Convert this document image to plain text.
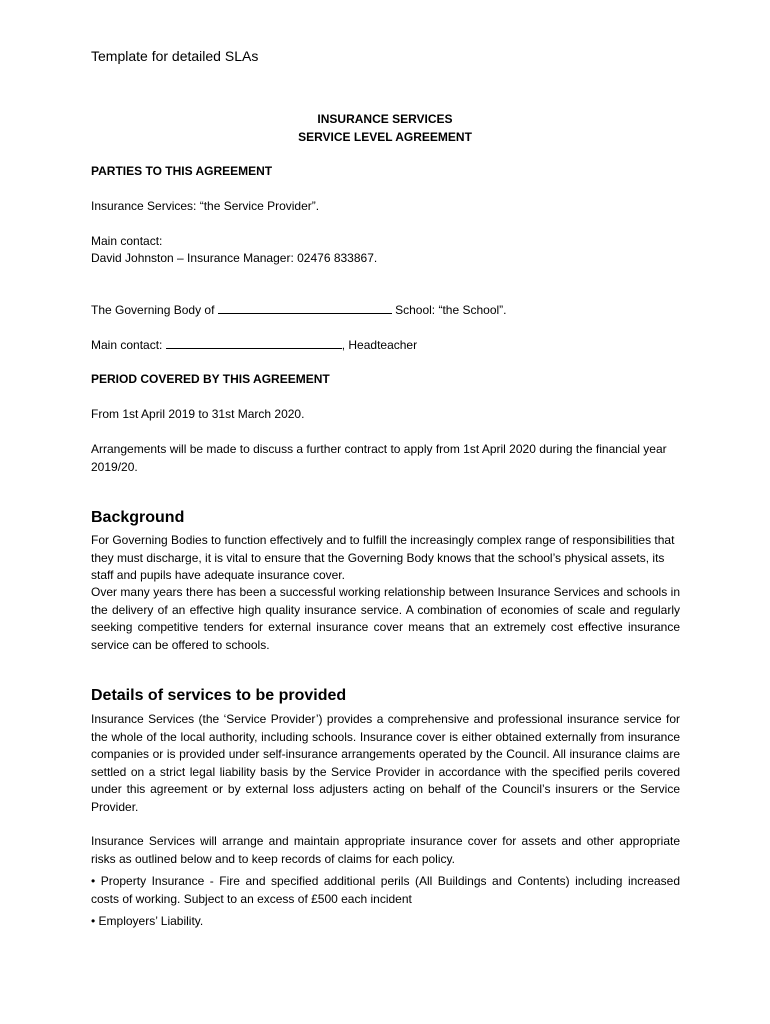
Template for detailed SLAs
INSURANCE SERVICES
SERVICE LEVEL AGREEMENT
PARTIES TO THIS AGREEMENT
Insurance Services: “the Service Provider”.
Main contact:
David Johnston – Insurance Manager: 02476 833867.
The Governing Body of	School: “the School”.
Main contact:	, Headteacher
PERIOD COVERED BY THIS AGREEMENT
From 1st April 2019 to 31st March 2020.
Arrangements will be made to discuss a further contract to apply from 1st April 2020 during the financial year 2019/20.
Background
For Governing Bodies to function effectively and to fulfill the increasingly complex range of responsibilities that they must discharge, it is vital to ensure that the Governing Body knows that the school’s physical assets, its staff and pupils have adequate insurance cover.
Over many years there has been a successful working relationship between Insurance Services and schools in the delivery of an effective high quality insurance service. A combination of economies of scale and regularly seeking competitive tenders for external insurance cover means that an extremely cost effective insurance service can be offered to schools.
Details of services to be provided
Insurance Services (the ‘Service Provider’) provides a comprehensive and professional insurance service for the whole of the local authority, including schools. Insurance cover is either obtained externally from insurance companies or is provided under self-insurance arrangements operated by the Council. All insurance claims are settled on a strict legal liability basis by the Service Provider in accordance with the specified perils covered under this agreement or by external loss adjusters acting on behalf of the Council’s insurers or the Service Provider.
Insurance Services will arrange and maintain appropriate insurance cover for assets and other appropriate risks as outlined below and to keep records of claims for each policy.
• Property Insurance - Fire and specified additional perils (All Buildings and Contents) including increased costs of working. Subject to an excess of £500 each incident
• Employers’ Liability.
